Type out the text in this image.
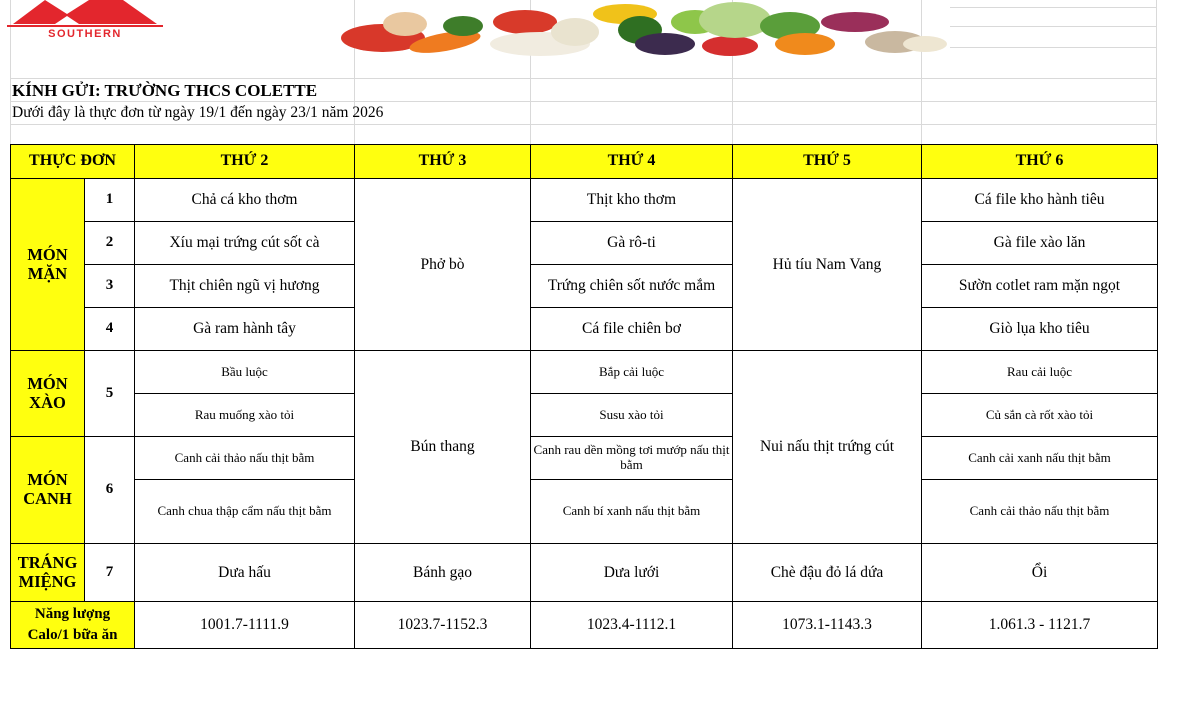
SOUTHERN
KÍNH GỬI: TRƯỜNG THCS COLETTE
Dưới đây là thực đơn từ ngày 19/1 đến ngày 23/1 năm 2026
THỰC ĐƠN		THỨ 2	THỨ 3	THỨ 4	THỨ 5	THỨ 6
MÓN
MẶN	1	Chả cá kho thơm	Phở bò	Thịt kho thơm	Hủ tíu Nam Vang	Cá file kho hành tiêu
	2	Xíu mại trứng cút sốt cà		Gà rô-ti		Gà file xào lăn
	3	Thịt chiên ngũ vị hương		Trứng chiên sốt nước mắm		Sườn cotlet ram mặn ngọt
	4	Gà ram hành tây		Cá file chiên bơ		Giò lụa kho tiêu
MÓN
XÀO	5	Bầu luộc	Bún thang	Bắp cải luộc	Nui nấu thịt trứng cút	Rau cải luộc
		Rau muống xào tỏi		Susu xào tỏi		Củ sắn cà rốt xào tỏi
MÓN
CANH	6	Canh cải thảo nấu thịt bằm		Canh rau dền mồng tơi mướp nấu thịt bằm		Canh cải xanh nấu thịt bằm
		Canh chua thập cẩm nấu thịt bằm		Canh bí xanh nấu thịt bằm		Canh cải thảo nấu thịt bằm
TRÁNG
MIỆNG	7	Dưa hấu	Bánh gạo	Dưa lưới	Chè đậu đỏ lá dứa	Ổi
Năng lượng
Calo/1 bữa ăn		1001.7-1111.9	1023.7-1152.3	1023.4-1112.1	1073.1-1143.3	1.061.3 - 1121.7
